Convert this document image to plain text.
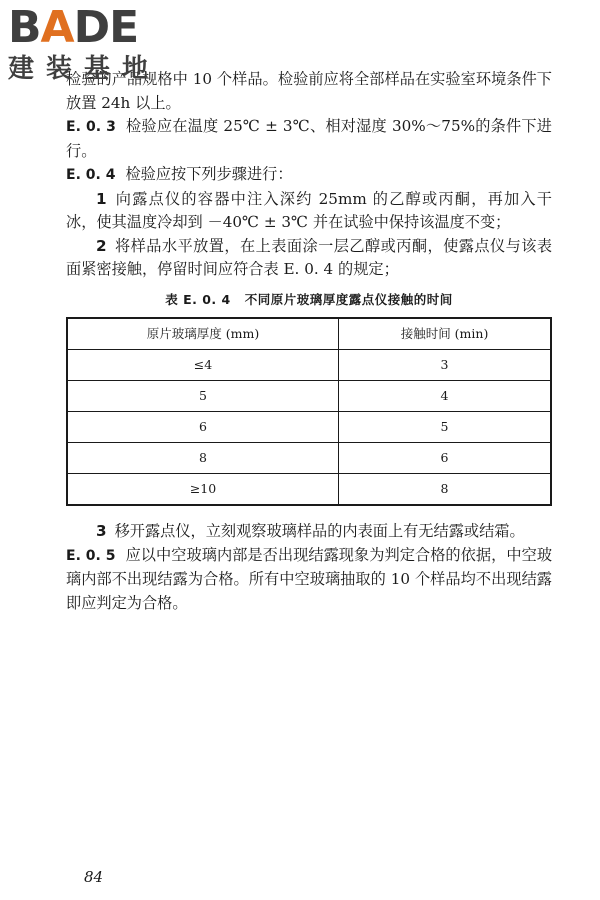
B A DE
建装基地

检验的产品规格中 10 个样品。检验前应将全部样品在实验室环境条件下放置 24h 以上。

E. 0. 3 检验应在温度 25℃ ± 3℃、相对湿度 30%～75%的条件下进行。

E. 0. 4 检验应按下列步骤进行：

1 向露点仪的容器中注入深约 25mm 的乙醇或丙酮，再加入干冰，使其温度冷却到 －40℃ ± 3℃ 并在试验中保持该温度不变；

2 将样品水平放置，在上表面涂一层乙醇或丙酮，使露点仪与该表面紧密接触，停留时间应符合表 E. 0. 4 的规定；

表 E. 0. 4 不同原片玻璃厚度露点仪接触的时间
原片玻璃厚度 (mm)	接触时间 (min)
≤4	3
5	4
6	5
8	6
≥10	8

3 移开露点仪，立刻观察玻璃样品的内表面上有无结露或结霜。

E. 0. 5 应以中空玻璃内部是否出现结露现象为判定合格的依据，中空玻璃内部不出现结露为合格。所有中空玻璃抽取的 10 个样品均不出现结露即应判定为合格。

84
